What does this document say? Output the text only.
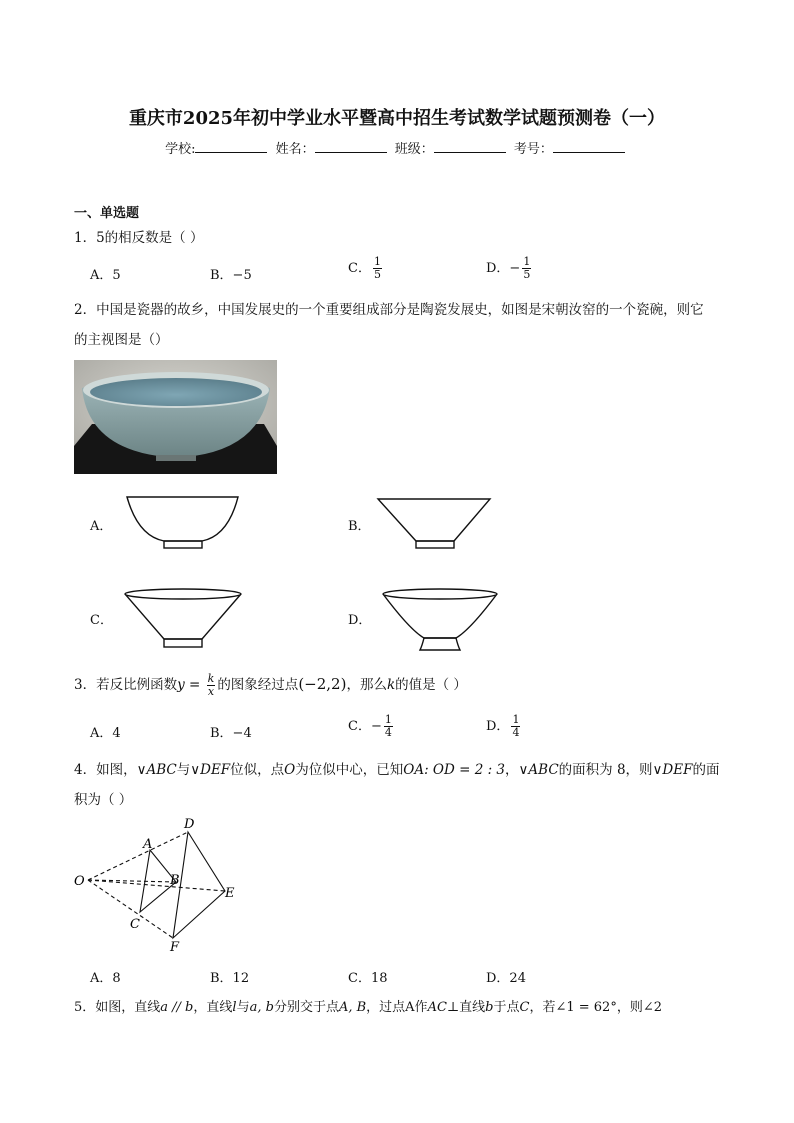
重庆市2025年初中学业水平暨高中招生考试数学试题预测卷（一）
学校:	姓名：	班级：	考号：
一、单选题
1．5的相反数是（ ）
A．5	B．−5	C． $\frac{1}{5}$	D．− $\frac{1}{5}$
2．中国是瓷器的故乡，中国发展史的一个重要组成部分是陶瓷发展史，如图是宋朝汝窑的一个瓷碗，则它
的主视图是（）
A．	B．
C．	D．
3．若反比例函数$y = \frac{k}{x}$ 的图象经过点(−2,2)，那么k的值是（ ）
A．4	B．−4	C．− $\frac{1}{4}$	D． $\frac{1}{4}$
4．如图，∨ABC与∨DEF位似，点O为位似中心，已知OA: OD = 2 : 3，∨ABC的面积为 8，则∨DEF的面
积为（ ）
O
A
B
C
D
E
F
A．8	B．12	C．18	D．24
5．如图，直线a // b，直线l与a, b分别交于点A, B，过点A作AC⊥直线b于点C，若∠1 = 62°，则∠2
